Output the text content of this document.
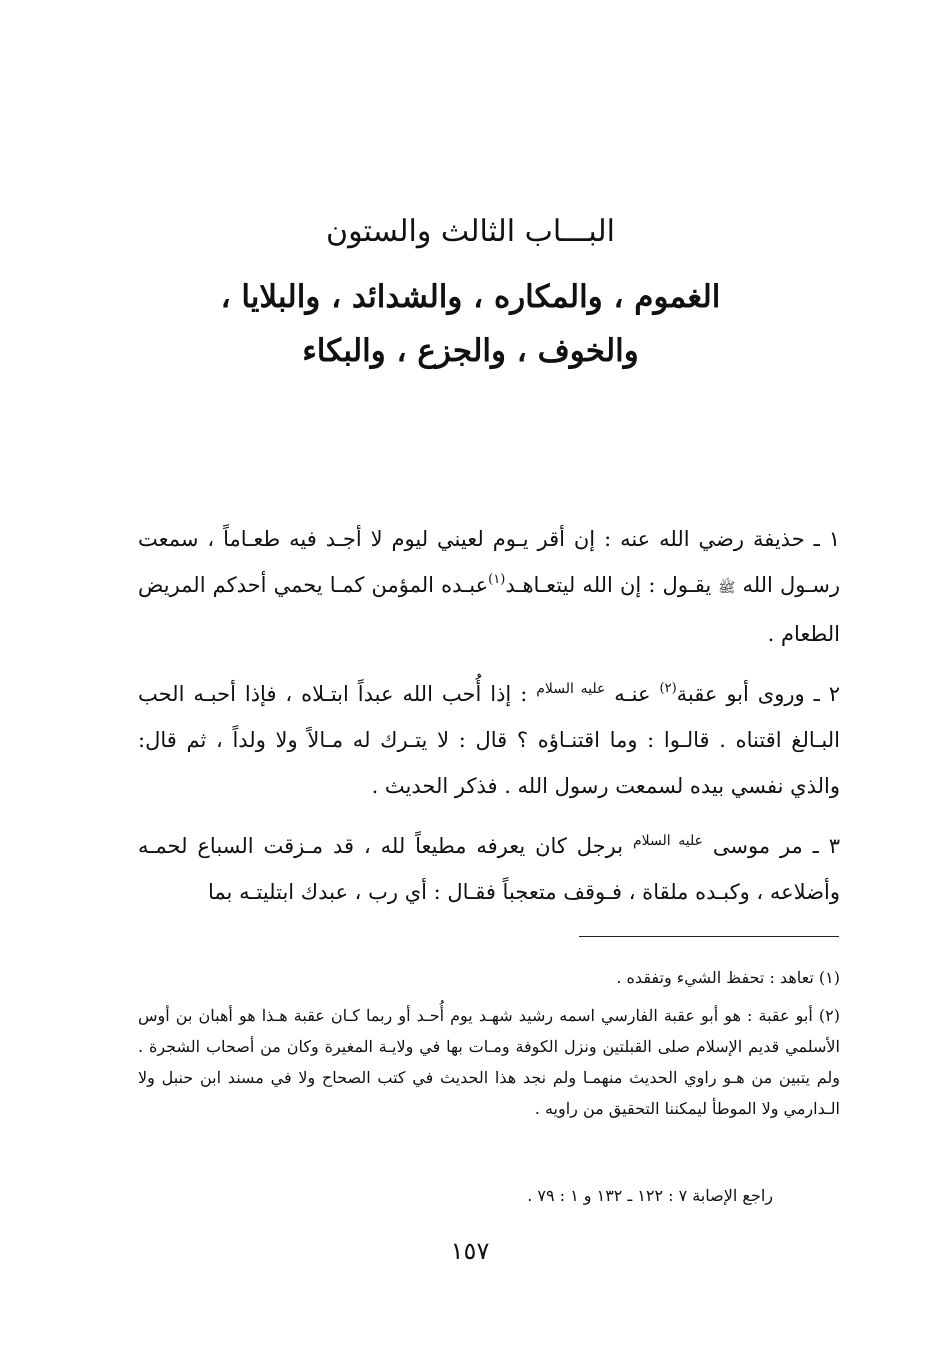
البـــاب الثالث والستون
الغموم ، والمكاره ، والشدائد ، والبلايا ،
والخوف ، والجزع ، والبكاء

١ ـ حذيفة رضي الله عنه : إن أقر يـوم لعيني ليوم لا أجـد فيه طعـاماً ، سمعت رسـول الله ﷺ يقـول : إن الله ليتعـاهـد$^{(١)}$عبـده المؤمن كمـا يحمي أحدكم المريض الطعام .

٢ ـ وروى أبو عقبة$^{(٢)}$ عنـه $^{عليه السلام}$ : إذا أُحب الله عبداً ابتـلاه ، فإذا أحبـه الحب البـالغ اقتناه . قالـوا : وما اقتنـاؤه ؟ قال : لا يتـرك له مـالاً ولا ولداً ، ثم قال: والذي نفسي بيده لسمعت رسول الله . فذكر الحديث .

٣ ـ مر موسى $^{عليه السلام}$ برجل كان يعرفه مطيعاً لله ، قد مـزقت السباع لحمـه وأضلاعه ، وكبـده ملقاة ، فـوقف متعجباً فقـال : أي رب ، عبدك ابتليتـه بما

(١) تعاهد : تحفظ الشيء وتفقده .

(٢) أبو عقبة : هو أبو عقبة الفارسي اسمه رشيد شهـد يوم أُحـد أو ربما كـان عقبة هـذا هو أهبان بن أوس الأسلمي قديم الإسلام صلى القبلتين ونزل الكوفة ومـات بها في ولايـة المغيرة وكان من أصحاب الشجرة . ولم يتبين من هـو راوي الحديث منهمـا ولم نجد هذا الحديث في كتب الصحاح ولا في مسند ابن حنبل ولا الـدارمي ولا الموطأ ليمكننا التحقيق من راويه .

راجع الإصابة ٧ : ١٢٢ ـ ١٣٢ و ١ : ٧٩ .

١٥٧
